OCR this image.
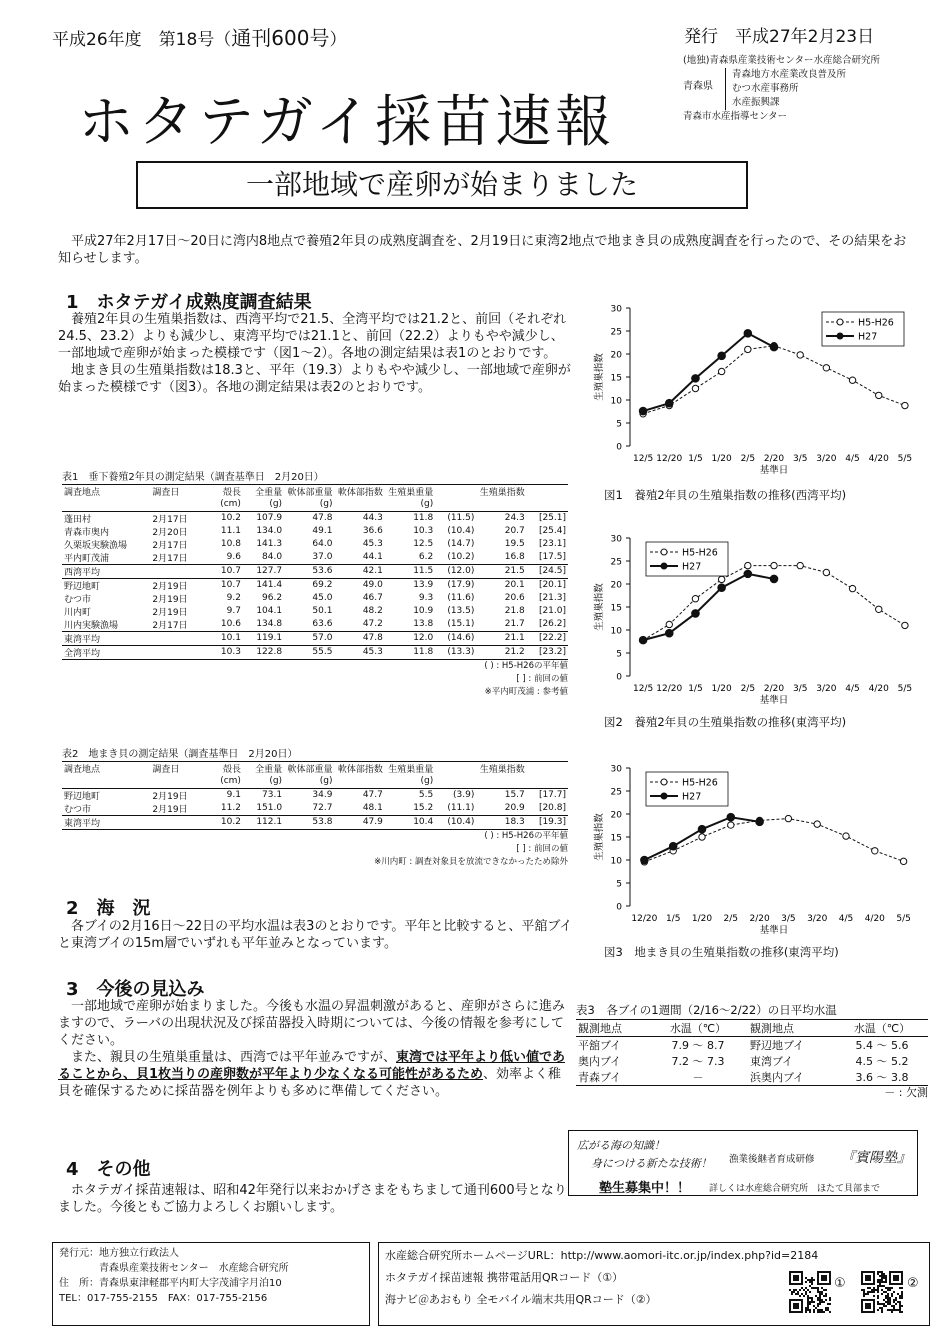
平成26年度　第18号（通刊600号）	発行　平成27年2月23日
(地独)青森県産業技術センター水産総合研究所
青森県
青森地方水産業改良普及所
むつ水産事務所
水産振興課
青森市水産指導センター
ホタテガイ採苗速報
一部地域で産卵が始まりました
　平成27年2月17日～20日に湾内8地点で養殖2年貝の成熟度調査を、2月19日に東湾2地点で地まき貝の成熟度調査を行ったので、その結果をお知らせします。
1　ホタテガイ成熟度調査結果
　養殖2年貝の生殖巣指数は、西湾平均で21.5、全湾平均では21.2と、前回（それぞれ24.5、23.2）よりも減少し、東湾平均では21.1と、前回（22.2）よりもやや減少し、一部地域で産卵が始まった模様です（図1～2）。各地の測定結果は表1のとおりです。
　地まき貝の生殖巣指数は18.3と、平年（19.3）よりもやや減少し、一部地域で産卵が始まった模様です（図3）。各地の測定結果は表2のとおりです。
表1　垂下養殖2年貝の測定結果（調査基準日　2月20日）
調査地点	調査日	殻長	全重量	軟体部重量	軟体部指数	生殖巣重量		生殖巣指数	
		(cm)	(g)	(g)		(g)			
蓬田村	2月17日	10.2	107.9	47.8	44.3	11.8	(11.5)	24.3	[25.1]
青森市奥内	2月20日	11.1	134.0	49.1	36.6	10.3	(10.4)	20.7	[25.4]
久栗坂実験漁場	2月17日	10.8	141.3	64.0	45.3	12.5	(14.7)	19.5	[23.1]
平内町茂浦	2月17日	9.6	84.0	37.0	44.1	6.2	(10.2)	16.8	[17.5]
西湾平均		10.7	127.7	53.6	42.1	11.5	(12.0)	21.5	[24.5]
野辺地町	2月19日	10.7	141.4	69.2	49.0	13.9	(17.9)	20.1	[20.1]
むつ市	2月19日	9.2	96.2	45.0	46.7	9.3	(11.6)	20.6	[21.3]
川内町	2月19日	9.7	104.1	50.1	48.2	10.9	(13.5)	21.8	[21.0]
川内実験漁場	2月17日	10.6	134.8	63.6	47.2	13.8	(15.1)	21.7	[26.2]
東湾平均		10.1	119.1	57.0	47.8	12.0	(14.6)	21.1	[22.2]
全湾平均		10.3	122.8	55.5	45.3	11.8	(13.3)	21.2	[23.2]
( ) : H5-H26の平年値
[ ] : 前回の値
※平内町茂浦 : 参考値
表2　地まき貝の測定結果（調査基準日　2月20日）
調査地点	調査日	殻長	全重量	軟体部重量	軟体部指数	生殖巣重量		生殖巣指数	
		(cm)	(g)	(g)		(g)			
野辺地町	2月19日	9.1	73.1	34.9	47.7	5.5	(3.9)	15.7	[17.7]
むつ市	2月19日	11.2	151.0	72.7	48.1	15.2	(11.1)	20.9	[20.8]
東湾平均		10.2	112.1	53.8	47.9	10.4	(10.4)	18.3	[19.3]
( ) : H5-H26の平年値
[ ] : 前回の値
※川内町 : 調査対象貝を放流できなかったため除外
2　海　況
　各ブイの2月16日～22日の平均水温は表3のとおりです。平年と比較すると、平舘ブイと東湾ブイの15m層でいずれも平年並みとなっています。
3　今後の見込み
　一部地域で産卵が始まりました。今後も水温の昇温刺激があると、産卵がさらに進みますので、ラーバの出現状況及び採苗器投入時期については、今後の情報を参考にしてください。
　また、親貝の生殖巣重量は、西湾では平年並みですが、東湾では平年より低い値であることから、貝1枚当りの産卵数が平年より少なくなる可能性があるため、効率よく稚貝を確保するために採苗器を例年よりも多めに準備してください。
4　その他
　ホタテガイ採苗速報は、昭和42年発行以来おかげさまをもちまして通刊600号となりました。今後ともご協力よろしくお願いします。
0
5
10
15
20
25
30
12/5 12/20 1/5 1/20 2/5 2/20 3/5 3/20 4/5 4/20 5/5
基準日
生殖巣指数
H5-H26
H27
図1　養殖2年貝の生殖巣指数の推移(西湾平均)
0
5
10
15
20
25
30
12/5 12/20 1/5 1/20 2/5 2/20 3/5 3/20 4/5 4/20 5/5
基準日
生殖巣指数
H5-H26
H27
図2　養殖2年貝の生殖巣指数の推移(東湾平均)
0
5
10
15
20
25
30
12/20 1/5 1/20 2/5 2/20 3/5 3/20 4/5 4/20 5/5
基準日
生殖巣指数
H5-H26
H27
図3　地まき貝の生殖巣指数の推移(東湾平均)
表3　各ブイの1週間（2/16～2/22）の日平均水温
観測地点	水温（℃）	観測地点	水温（℃）
平舘ブイ	7.9 ～ 8.7	野辺地ブイ	5.4 ～ 5.6
奥内ブイ	7.2 ～ 7.3	東湾ブイ	4.5 ～ 5.2
青森ブイ	－	浜奥内ブイ	3.6 ～ 3.8
－ : 欠測
広がる海の知識！
身につける新たな技術！ 漁業後継者育成研修 『賓陽塾』
塾生募集中！！ 詳しくは水産総合研究所　ほたて貝部まで
発行元：地方独立行政法人
　　　　青森県産業技術センター　水産総合研究所
住　所：青森県東津軽郡平内町大字茂浦字月泊10
TEL：017-755-2155　FAX：017-755-2156
水産総合研究所ホームページURL：http://www.aomori-itc.or.jp/index.php?id=2184
ホタテガイ採苗速報 携帯電話用QRコード（①）
海ナビ＠あおもり 全モバイル端末共用QRコード（②）
①	②
